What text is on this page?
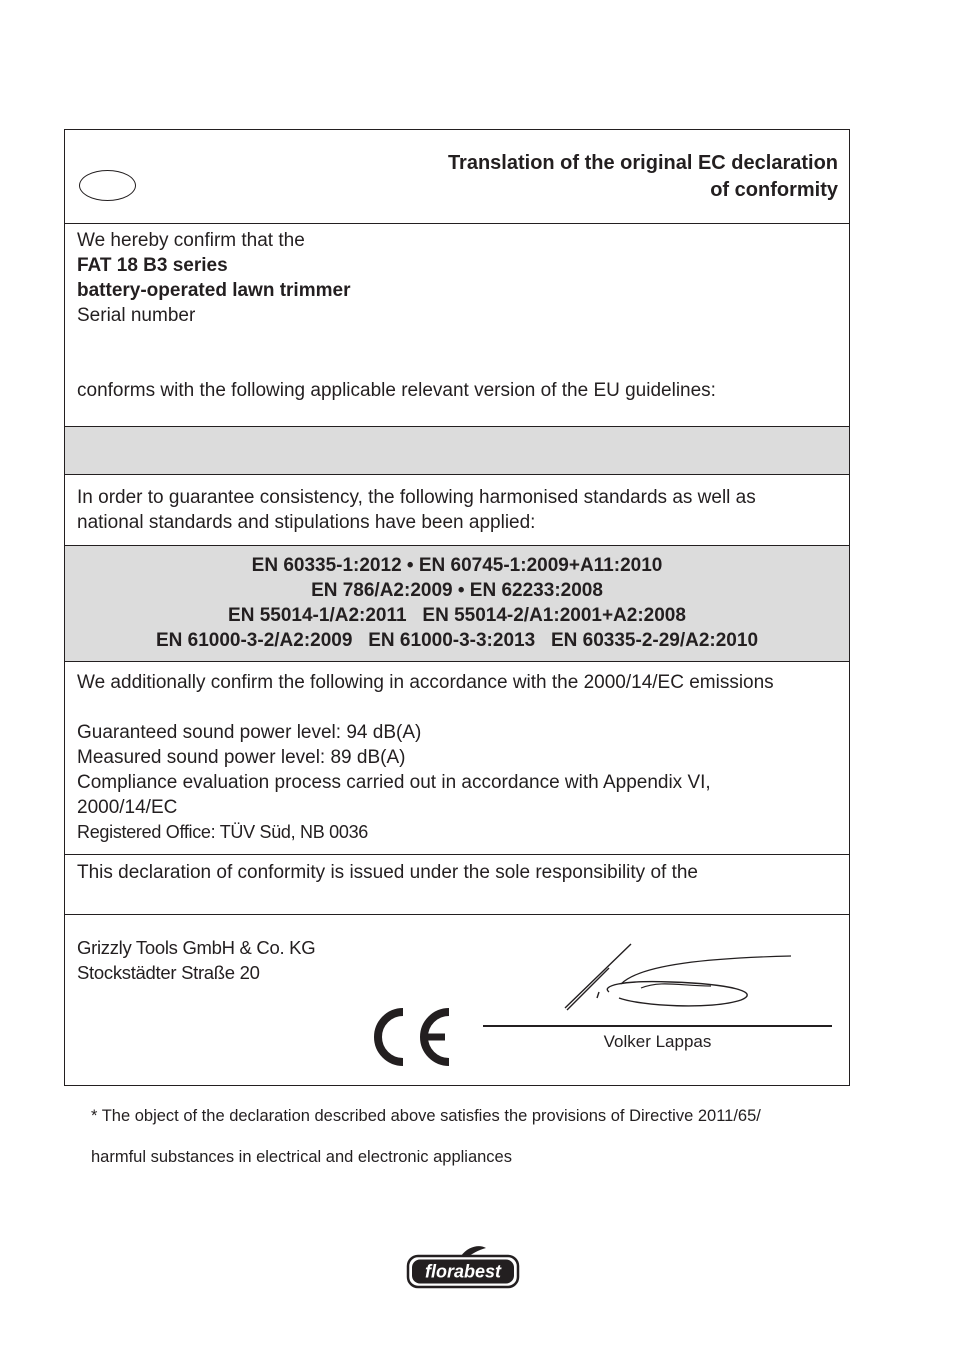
Translation of the original EC declaration
of conformity
We hereby confirm that the
FAT 18 B3 series
battery-operated lawn trimmer
Serial number
conforms with the following applicable relevant version of the EU guidelines:
In order to guarantee consistency, the following harmonised standards as well as
national standards and stipulations have been applied:
EN 60335-1:2012 • EN 60745-1:2009+A11:2010
EN 786/A2:2009 • EN 62233:2008
EN 55014-1/A2:2011   EN 55014-2/A1:2001+A2:2008
EN 61000-3-2/A2:2009   EN 61000-3-3:2013   EN 60335-2-29/A2:2010
We additionally confirm the following in accordance with the 2000/14/EC emissions
Guaranteed sound power level: 94 dB(A)
Measured sound power level: 89 dB(A)
Compliance evaluation process carried out in accordance with Appendix VI,
2000/14/EC
Registered Office: TÜV Süd, NB 0036
This declaration of conformity is issued under the sole responsibility of the
Grizzly Tools GmbH & Co. KG
Stockstädter Straße 20
Volker Lappas
* The object of the declaration described above satisfies the provisions of Directive 2011/65/
harmful substances in electrical and electronic appliances
florabest
